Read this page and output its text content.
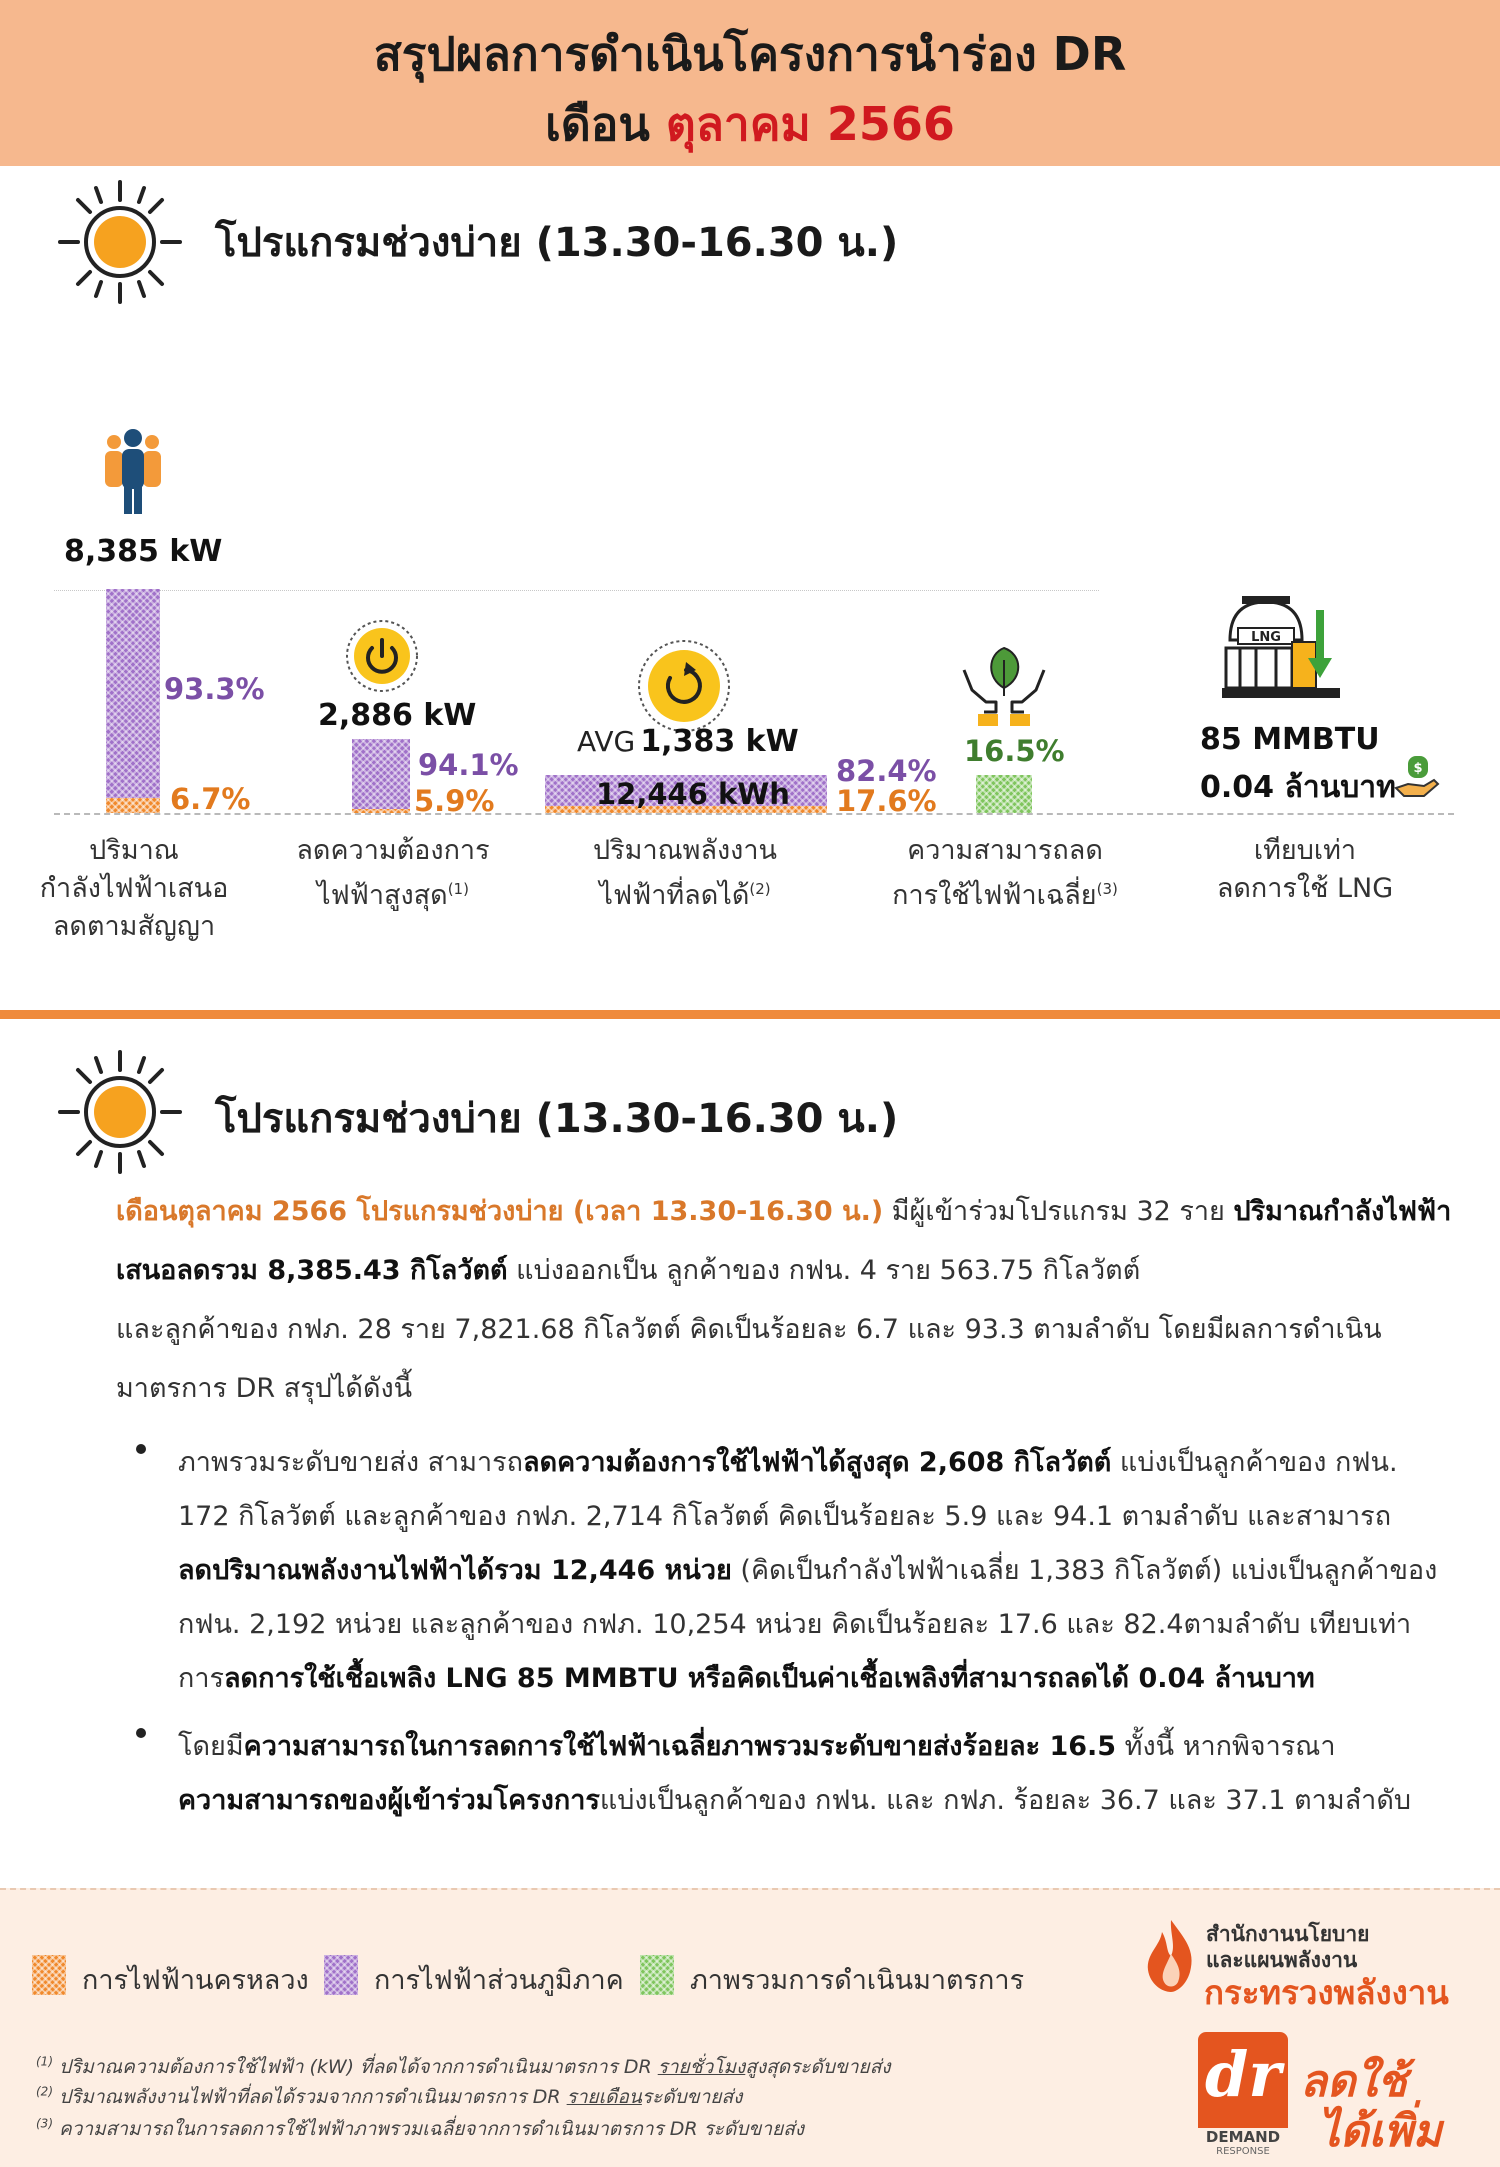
สรุปผลการดำเนินโครงการนำร่อง DR
เดือน ตุลาคม 2566
โปรแกรมช่วงบ่าย (13.30-16.30 น.)
8,385 kW
93.3%
6.7%
ปริมาณ
กำลังไฟฟ้าเสนอ
ลดตามสัญญา
2,886 kW
94.1%
5.9%
ลดความต้องการ
ไฟฟ้าสูงสุด$^{(1)}$
AVG 1,383 kW
12,446 kWh
82.4%
17.6%
ปริมาณพลังงาน
ไฟฟ้าที่ลดได้$^{(2)}$
16.5%
ความสามารถลด
การใช้ไฟฟ้าเฉลี่ย$^{(3)}$
LNG
85 MMBTU
0.04 ล้านบาท
$
เทียบเท่า
ลดการใช้ LNG
โปรแกรมช่วงบ่าย (13.30-16.30 น.)
เดือนตุลาคม 2566 โปรแกรมช่วงบ่าย (เวลา 13.30-16.30 น.) มีผู้เข้าร่วมโปรแกรม 32 ราย ปริมาณกำลังไฟฟ้า
เสนอลดรวม 8,385.43 กิโลวัตต์ แบ่งออกเป็น ลูกค้าของ กฟน. 4 ราย 563.75 กิโลวัตต์
และลูกค้าของ กฟภ. 28 ราย 7,821.68 กิโลวัตต์ คิดเป็นร้อยละ 6.7 และ 93.3 ตามลำดับ โดยมีผลการดำเนิน
มาตรการ DR สรุปได้ดังนี้
ภาพรวมระดับขายส่ง สามารถลดความต้องการใช้ไฟฟ้าได้สูงสุด 2,608 กิโลวัตต์ แบ่งเป็นลูกค้าของ กฟน.
172 กิโลวัตต์ และลูกค้าของ กฟภ. 2,714 กิโลวัตต์ คิดเป็นร้อยละ 5.9 และ 94.1 ตามลำดับ และสามารถ
ลดปริมาณพลังงานไฟฟ้าได้รวม 12,446 หน่วย (คิดเป็นกำลังไฟฟ้าเฉลี่ย 1,383 กิโลวัตต์) แบ่งเป็นลูกค้าของ
กฟน. 2,192 หน่วย และลูกค้าของ กฟภ. 10,254 หน่วย คิดเป็นร้อยละ 17.6 และ 82.4ตามลำดับ เทียบเท่า
การลดการใช้เชื้อเพลิง LNG 85 MMBTU หรือคิดเป็นค่าเชื้อเพลิงที่สามารถลดได้ 0.04 ล้านบาท
โดยมีความสามารถในการลดการใช้ไฟฟ้าเฉลี่ยภาพรวมระดับขายส่งร้อยละ 16.5 ทั้งนี้ หากพิจารณา
ความสามารถของผู้เข้าร่วมโครงการแบ่งเป็นลูกค้าของ กฟน. และ กฟภ. ร้อยละ 36.7 และ 37.1 ตามลำดับ
การไฟฟ้านครหลวง การไฟฟ้าส่วนภูมิภาค ภาพรวมการดำเนินมาตรการ
สำนักงานนโยบาย
และแผนพลังงาน
กระทรวงพลังงาน
dr
DEMAND
RESPONSE
ลดใช้
ได้เพิ่ม
$^{(1)}$ ปริมาณความต้องการใช้ไฟฟ้า (kW) ที่ลดได้จากการดำเนินมาตรการ DR รายชั่วโมงสูงสุดระดับขายส่ง
$^{(2)}$ ปริมาณพลังงานไฟฟ้าที่ลดได้รวมจากการดำเนินมาตรการ DR รายเดือนระดับขายส่ง
$^{(3)}$ ความสามารถในการลดการใช้ไฟฟ้าภาพรวมเฉลี่ยจากการดำเนินมาตรการ DR ระดับขายส่ง
